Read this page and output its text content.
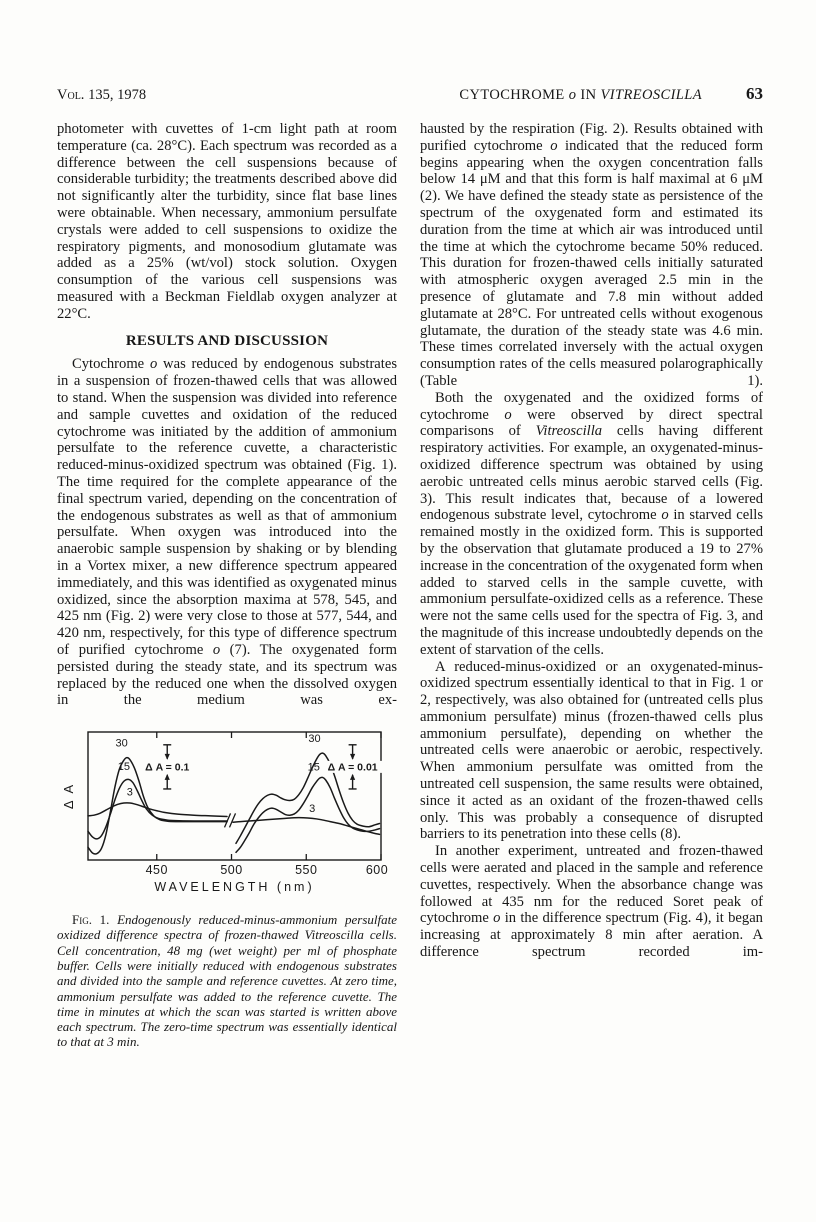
Vol. 135, 1978	CYTOCHROME o IN VITREOSCILLA	63

photometer with cuvettes of 1-cm light path at room temperature (ca. 28°C). Each spectrum was recorded as a difference between the cell suspensions because of considerable turbidity; the treatments described above did not significantly alter the turbidity, since flat base lines were obtainable. When necessary, ammonium persulfate crystals were added to cell suspensions to oxidize the respiratory pigments, and monosodium glutamate was added as a 25% (wt/vol) stock solution. Oxygen consumption of the various cell suspensions was measured with a Beckman Fieldlab oxygen analyzer at 22°C.

RESULTS AND DISCUSSION

Cytochrome o was reduced by endogenous substrates in a suspension of frozen-thawed cells that was allowed to stand. When the suspension was divided into reference and sample cuvettes and oxidation of the reduced cytochrome was initiated by the addition of ammonium persulfate to the reference cuvette, a characteristic reduced-minus-oxidized spectrum was obtained (Fig. 1). The time required for the complete appearance of the final spectrum varied, depending on the concentration of the endogenous substrates as well as that of ammonium persulfate. When oxygen was introduced into the anaerobic sample suspension by shaking or by blending in a Vortex mixer, a new difference spectrum appeared immediately, and this was identified as oxygenated minus oxidized, since the absorption maxima at 578, 545, and 425 nm (Fig. 2) were very close to those at 577, 544, and 420 nm, respectively, for this type of difference spectrum of purified cytochrome o (7). The oxygenated form persisted during the steady state, and its spectrum was replaced by the reduced one when the dissolved oxygen in the medium was ex-

30
15
3
30
15
3
450	500	550	600
Δ A = 0.1	Δ A = 0.01
WAVELENGTH (nm)
Δ A
Fig. 1. Endogenously reduced-minus-ammonium persulfate oxidized difference spectra of frozen-thawed Vitreoscilla cells. Cell concentration, 48 mg (wet weight) per ml of phosphate buffer. Cells were initially reduced with endogenous substrates and divided into the sample and reference cuvettes. At zero time, ammonium persulfate was added to the reference cuvette. The time in minutes at which the scan was started is written above each spectrum. The zero-time spectrum was essentially identical to that at 3 min.

hausted by the respiration (Fig. 2). Results obtained with purified cytochrome o indicated that the reduced form begins appearing when the oxygen concentration falls below 14 μM and that this form is half maximal at 6 μM (2). We have defined the steady state as persistence of the spectrum of the oxygenated form and estimated its duration from the time at which air was introduced until the time at which the cytochrome became 50% reduced. This duration for frozen-thawed cells initially saturated with atmospheric oxygen averaged 2.5 min in the presence of glutamate and 7.8 min without added glutamate at 28°C. For untreated cells without exogenous glutamate, the duration of the steady state was 4.6 min. These times correlated inversely with the actual oxygen consumption rates of the cells measured polarographically (Table 1).

Both the oxygenated and the oxidized forms of cytochrome o were observed by direct spectral comparisons of Vitreoscilla cells having different respiratory activities. For example, an oxygenated-minus-oxidized difference spectrum was obtained by using aerobic untreated cells minus aerobic starved cells (Fig. 3). This result indicates that, because of a lowered endogenous substrate level, cytochrome o in starved cells remained mostly in the oxidized form. This is supported by the observation that glutamate produced a 19 to 27% increase in the concentration of the oxygenated form when added to starved cells in the sample cuvette, with ammonium persulfate-oxidized cells as a reference. These were not the same cells used for the spectra of Fig. 3, and the magnitude of this increase undoubtedly depends on the extent of starvation of the cells.

A reduced-minus-oxidized or an oxygenated-minus-oxidized spectrum essentially identical to that in Fig. 1 or 2, respectively, was also obtained for (untreated cells plus ammonium persulfate) minus (frozen-thawed cells plus ammonium persulfate), depending on whether the untreated cells were anaerobic or aerobic, respectively. When ammonium persulfate was omitted from the untreated cell suspension, the same results were obtained, since it acted as an oxidant of the frozen-thawed cells only. This was probably a consequence of disrupted barriers to its penetration into these cells (8).

In another experiment, untreated and frozen-thawed cells were aerated and placed in the sample and reference cuvettes, respectively. When the absorbance change was followed at 435 nm for the reduced Soret peak of cytochrome o in the difference spectrum (Fig. 4), it began increasing at approximately 8 min after aeration. A difference spectrum recorded im-
